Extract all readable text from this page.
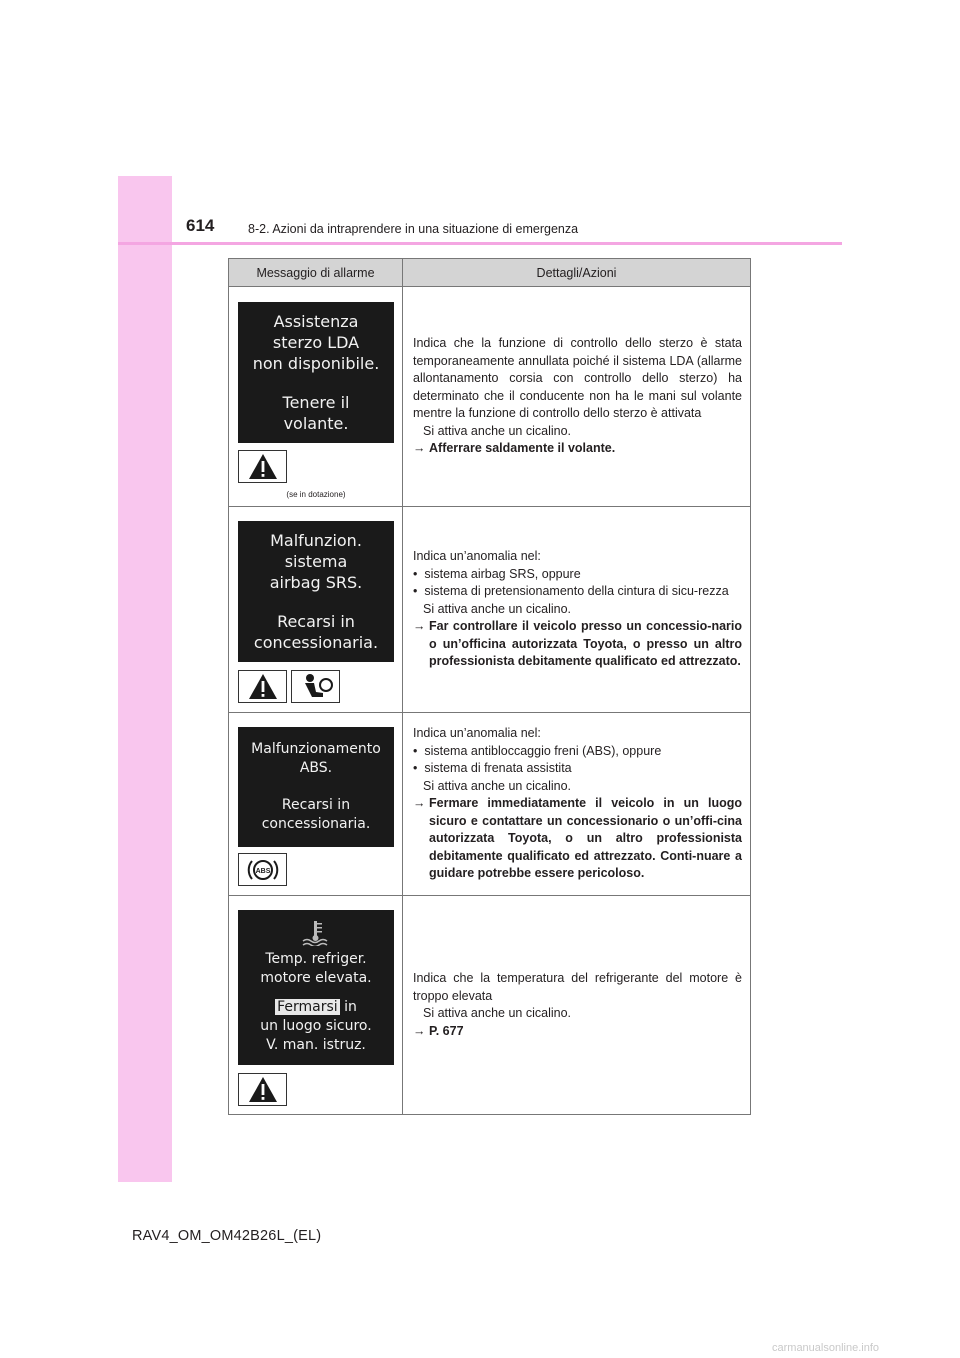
614	8-2. Azioni da intraprendere in una situazione di emergenza
Messaggio di allarme	Dettagli/Azioni
Assistenza
sterzo LDA
non disponibile.
Tenere il
volante.
(se in dotazione)
Indica che la funzione di controllo dello sterzo è stata temporaneamente annullata poiché il sistema LDA (allarme allontanamento corsia con controllo dello sterzo) ha determinato che il conducente non ha le mani sul volante mentre la funzione di controllo dello sterzo è attivata
Si attiva anche un cicalino.
→ Afferrare saldamente il volante.
Malfunzion.
sistema
airbag SRS.
Recarsi in
concessionaria.
Indica un’anomalia nel:
• sistema airbag SRS, oppure
• sistema di pretensionamento della cintura di sicu-rezza
Si attiva anche un cicalino.
→ Far controllare il veicolo presso un concessio-nario o un’officina autorizzata Toyota, o presso un altro professionista debitamente qualificato ed attrezzato.
Malfunzionamento
ABS.
Recarsi in
concessionaria.
ABS
Indica un’anomalia nel:
• sistema antibloccaggio freni (ABS), oppure
• sistema di frenata assistita
Si attiva anche un cicalino.
→ Fermare immediatamente il veicolo in un luogo sicuro e contattare un concessionario o un’offi-cina autorizzata Toyota, o un altro professionista debitamente qualificato ed attrezzato. Conti-nuare a guidare potrebbe essere pericoloso.
Temp. refriger.
motore elevata.
Fermarsi in
un luogo sicuro.
V. man. istruz.
Indica che la temperatura del refrigerante del motore è troppo elevata
Si attiva anche un cicalino.
→ P. 677
RAV4_OM_OM42B26L_(EL)
carmanualsonline.info
